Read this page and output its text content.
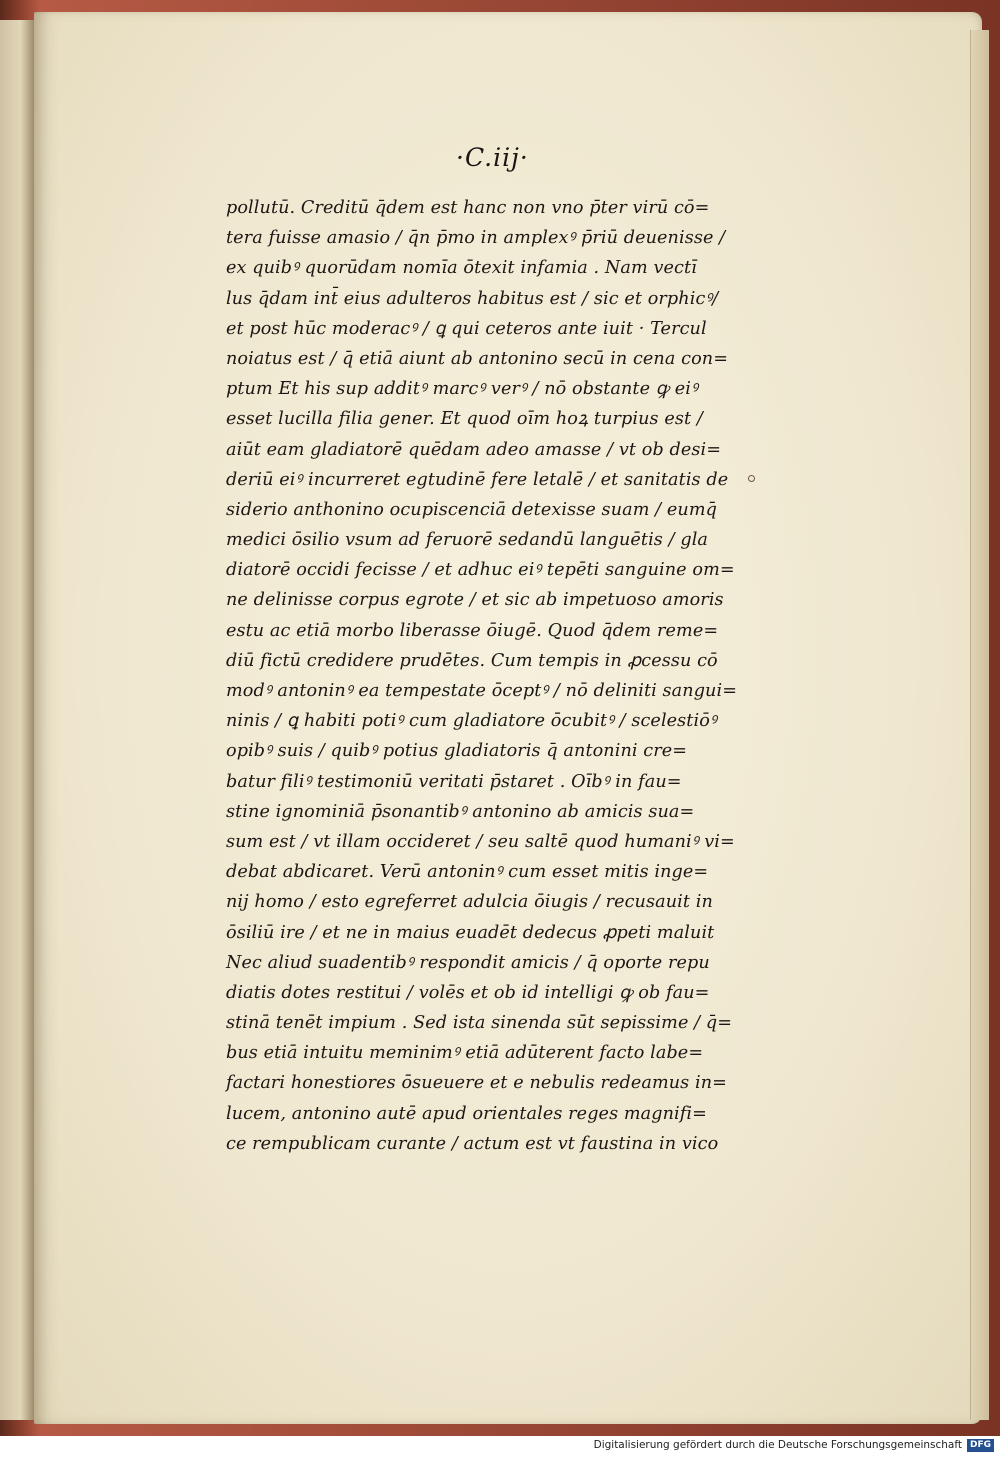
·C.iij·
pollutū. Creditū q̄dem est hanc non vno p̄ter virū cō=
tera fuisse amasio / q̄n p̄mo in amplexꝰ p̄riū deuenisse /
ex quibꝰ quorūdam nomīa ōtexit infamia . Nam vectī
lus q̄dam int̄ eius adulteros habitus est / sic et orphicꝰ/
et post hūc moderacꝰ / ꝗ qui ceteros ante iuit · Tercul
noiatus est / q̄ etiā aiunt ab antonino secū in cena con=
ptum Et his sup additꝰ marcꝰ verꝰ / nō obstante ꝙ eiꝰ
esset lucilla filia gener. Et quod oīm hoꝝ turpius est /
aiūt eam gladiatorē quēdam adeo amasse / vt ob desi=
deriū eiꝰ incurreret egtudinē fere letalē / et sanitatis de
siderio anthonino ocupiscenciā detexisse suam / eumq̄
medici ōsilio vsum ad feruorē sedandū languētis / gla
diatorē occidi fecisse / et adhuc eiꝰ tepēti sanguine om=
ne delinisse corpus egrote / et sic ab impetuoso amoris
estu ac etiā morbo liberasse ōiugē. Quod q̄dem reme=
diū fictū credidere prudētes. Cum tempis in ꝓcessu cō
modꝰ antoninꝰ ea tempestate ōceptꝰ / nō deliniti sangui=
ninis / ꝗ habiti potiꝰ cum gladiatore ōcubitꝰ / scelestiōꝰ
opibꝰ suis / quibꝰ potius gladiatoris q̄ antonini cre=
batur filiꝰ testimoniū veritati p̄staret . Oībꝰ in fau=
stine ignominiā p̄sonantibꝰ antonino ab amicis sua=
sum est / vt illam occideret / seu saltē quod humaniꝰ vi=
debat abdicaret. Verū antoninꝰ cum esset mitis inge=
nij homo / esto egreferret adulcia ōiugis / recusauit in
ōsiliū ire / et ne in maius euadēt dedecus ꝓpeti maluit
Nec aliud suadentibꝰ respondit amicis / q̄ oporte repu
diatis dotes restitui / volēs et ob id intelligi ꝙ ob fau=
stinā tenēt impium . Sed ista sinenda sūt sepissime / q̄=
bus etiā intuitu meminimꝰ etiā adūterent facto labe=
factari honestiores ōsueuere et e nebulis redeamus in=
lucem, antonino autē apud orientales reges magnifi=
ce rempublicam curante / actum est vt faustina in vico
Digitalisierung gefördert durch die Deutsche Forschungsgemeinschaft DFG
